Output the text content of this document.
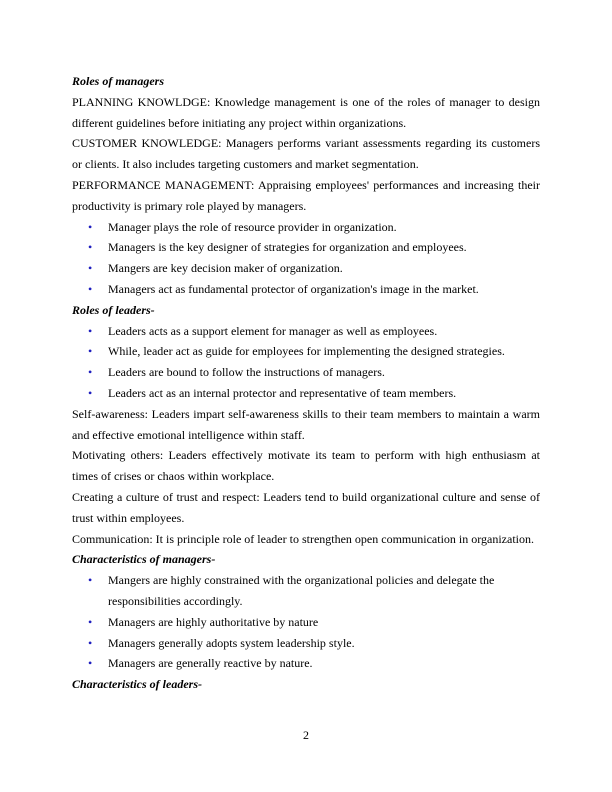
Roles of managers

PLANNING KNOWLDGE: Knowledge management is one of the roles of manager to design different guidelines before initiating any project within organizations.

CUSTOMER KNOWLEDGE: Managers performs variant assessments regarding its customers or clients. It also includes targeting customers and market segmentation.

PERFORMANCE MANAGEMENT: Appraising employees' performances and increasing their productivity is primary role played by managers.

• Manager plays the role of resource provider in organization.
• Managers is the key designer of strategies for organization and employees.
• Mangers are key decision maker of organization.
• Managers act as fundamental protector of organization's image in the market.

Roles of leaders-

• Leaders acts as a support element for manager as well as employees.
• While, leader act as guide for employees for implementing the designed strategies.
• Leaders are bound to follow the instructions of managers.
• Leaders act as an internal protector and representative of team members.

Self-awareness: Leaders impart self-awareness skills to their team members to maintain a warm and effective emotional intelligence within staff.

Motivating others: Leaders effectively motivate its team to perform with high enthusiasm at times of crises or chaos within workplace.

Creating a culture of trust and respect: Leaders tend to build organizational culture and sense of trust within employees.

Communication: It is principle role of leader to strengthen open communication in organization.

Characteristics of managers-

• Mangers are highly constrained with the organizational policies and delegate the responsibilities accordingly.
• Managers are highly authoritative by nature
• Managers generally adopts system leadership style.
• Managers are generally reactive by nature.

Characteristics of leaders-

2
